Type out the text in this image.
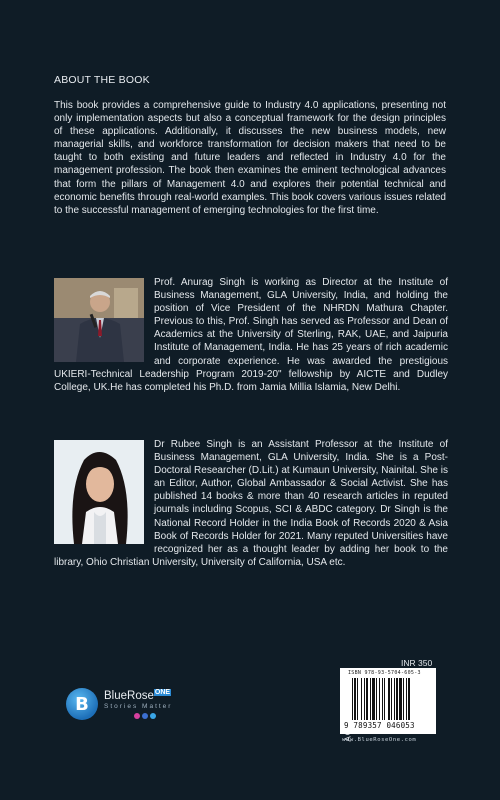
ABOUT THE BOOK

This book provides a comprehensive guide to Industry 4.0 applications, presenting not only implementation aspects but also a conceptual framework for the design principles of these applications. Additionally, it discusses the new business models, new managerial skills, and workforce transformation for decision makers that need to be taught to both existing and future leaders and reflected in Industry 4.0 for the management profession. The book then examines the eminent technological advances that form the pillars of Management 4.0 and explores their potential technical and economic benefits through real-world examples. This book covers various issues related to the successful management of emerging technologies for the first time.

Prof. Anurag Singh is working as Director at the Institute of Business Management, GLA University, India, and holding the position of Vice President of the NHRDN Mathura Chapter. Previous to this, Prof. Singh has served as Professor and Dean of Academics at the University of Sterling, RAK, UAE, and Jaipuria Institute of Management, India. He has 25 years of rich academic and corporate experience. He was awarded the prestigious UKIERI-Technical Leadership Program 2019-20" fellowship by AICTE and Dudley College, UK.He has completed his Ph.D. from Jamia Millia Islamia, New Delhi.

Dr Rubee Singh is an Assistant Professor at the Institute of Business Management, GLA University, India. She is a Post-Doctoral Researcher (D.Lit.) at Kumaun University, Nainital. She is an Editor, Author, Global Ambassador & Social Activist. She has published 14 books & more than 40 research articles in reputed journals including Scopus, SCI & ABDC category. Dr Singh is the National Record Holder in the India Book of Records 2020 & Asia Book of Records Holder for 2021. Many reputed Universities have recognized her as a thought leader by adding her book to the library, Ohio Christian University, University of California, USA etc.

B	BlueRose$^{ONE}$
Stories Matter
INR 350
ISBN 978-93-5704-605-3
9 789357 046053
www.BlueRoseOne.com
